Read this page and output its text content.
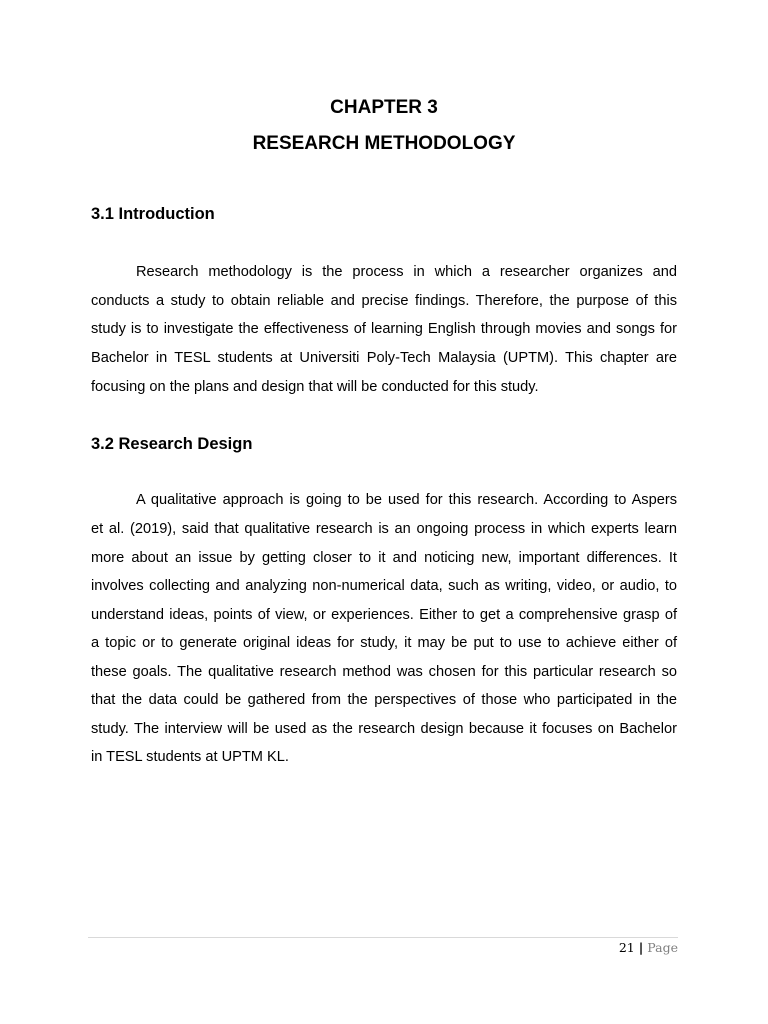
CHAPTER 3
RESEARCH METHODOLOGY
3.1 Introduction
Research methodology is the process in which a researcher organizes and
conducts a study to obtain reliable and precise findings. Therefore, the purpose of this
study is to investigate the effectiveness of learning English through movies and songs for
Bachelor in TESL students at Universiti Poly-Tech Malaysia (UPTM). This chapter are
focusing on the plans and design that will be conducted for this study.
3.2 Research Design
A qualitative approach is going to be used for this research. According to Aspers
et al. (2019), said that qualitative research is an ongoing process in which experts learn
more about an issue by getting closer to it and noticing new, important differences. It
involves collecting and analyzing non-numerical data, such as writing, video, or audio, to
understand ideas, points of view, or experiences. Either to get a comprehensive grasp of
a topic or to generate original ideas for study, it may be put to use to achieve either of
these goals. The qualitative research method was chosen for this particular research so
that the data could be gathered from the perspectives of those who participated in the
study. The interview will be used as the research design because it focuses on Bachelor
in TESL students at UPTM KL.
21 | Page
